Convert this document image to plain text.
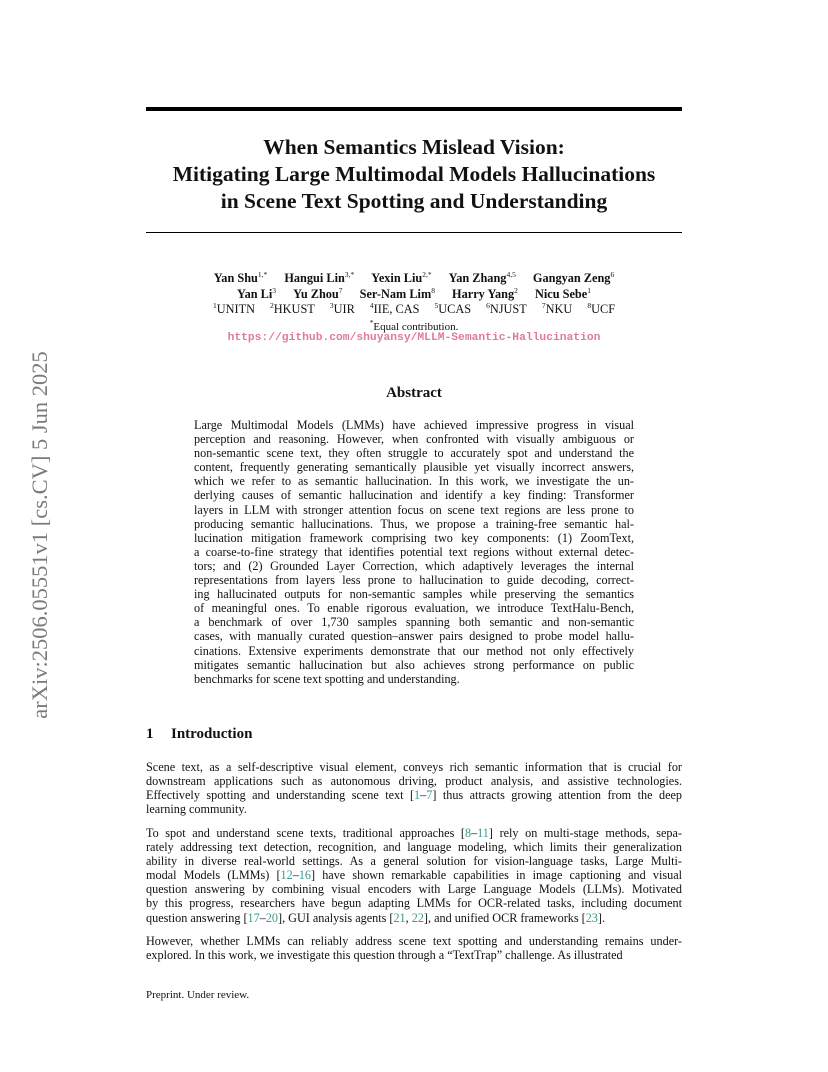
arXiv:2506.05551v1 [cs.CV] 5 Jun 2025
When Semantics Mislead Vision:
Mitigating Large Multimodal Models Hallucinations
in Scene Text Spotting and Understanding
Yan Shu$^{1,*}$ Hangui Lin$^{3,*}$ Yexin Liu$^{2,*}$ Yan Zhang$^{4,5}$ Gangyan Zeng$^6$
Yan Li$^3$ Yu Zhou$^7$ Ser-Nam Lim$^8$ Harry Yang$^2$ Nicu Sebe$^1$
$^1$UNITN $^2$HKUST $^3$UIR $^4$IIE, CAS $^5$UCAS $^6$NJUST $^7$NKU $^8$UCF
*Equal contribution.
https://github.com/shuyansy/MLLM-Semantic-Hallucination
Abstract
Large Multimodal Models (LMMs) have achieved impressive progress in visual
perception and reasoning. However, when confronted with visually ambiguous or
non-semantic scene text, they often struggle to accurately spot and understand the
content, frequently generating semantically plausible yet visually incorrect answers,
which we refer to as semantic hallucination. In this work, we investigate the un-
derlying causes of semantic hallucination and identify a key finding: Transformer
layers in LLM with stronger attention focus on scene text regions are less prone to
producing semantic hallucinations. Thus, we propose a training-free semantic hal-
lucination mitigation framework comprising two key components: (1) ZoomText,
a coarse-to-fine strategy that identifies potential text regions without external detec-
tors; and (2) Grounded Layer Correction, which adaptively leverages the internal
representations from layers less prone to hallucination to guide decoding, correct-
ing hallucinated outputs for non-semantic samples while preserving the semantics
of meaningful ones. To enable rigorous evaluation, we introduce TextHalu-Bench,
a benchmark of over 1,730 samples spanning both semantic and non-semantic
cases, with manually curated question–answer pairs designed to probe model hallu-
cinations. Extensive experiments demonstrate that our method not only effectively
mitigates semantic hallucination but also achieves strong performance on public
benchmarks for scene text spotting and understanding.
1 Introduction
Scene text, as a self-descriptive visual element, conveys rich semantic information that is crucial for
downstream applications such as autonomous driving, product analysis, and assistive technologies.
Effectively spotting and understanding scene text [1–7] thus attracts growing attention from the deep
learning community.
To spot and understand scene texts, traditional approaches [8–11] rely on multi-stage methods, sepa-
rately addressing text detection, recognition, and language modeling, which limits their generalization
ability in diverse real-world settings. As a general solution for vision-language tasks, Large Multi-
modal Models (LMMs) [12–16] have shown remarkable capabilities in image captioning and visual
question answering by combining visual encoders with Large Language Models (LLMs). Motivated
by this progress, researchers have begun adapting LMMs for OCR-related tasks, including document
question answering [17–20], GUI analysis agents [21, 22], and unified OCR frameworks [23].
However, whether LMMs can reliably address scene text spotting and understanding remains under-
explored. In this work, we investigate this question through a “TextTrap” challenge. As illustrated
Preprint. Under review.
